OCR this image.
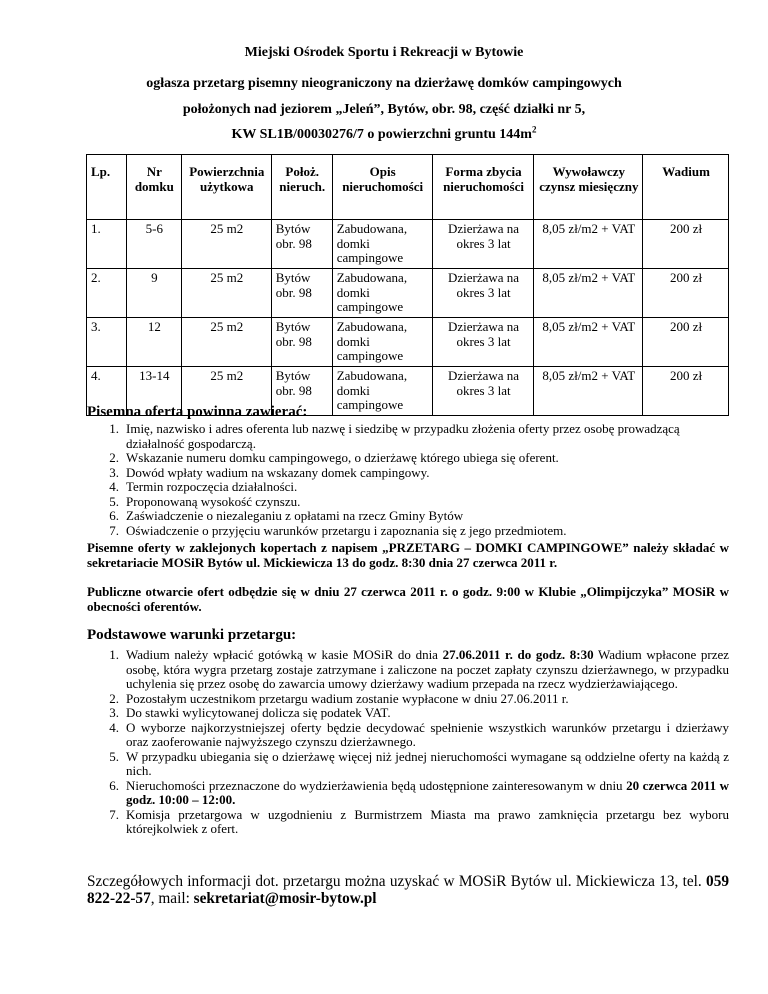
Miejski Ośrodek Sportu i Rekreacji w Bytowie
ogłasza przetarg pisemny nieograniczony na dzierżawę domków campingowych
położonych nad jeziorem „Jeleń”, Bytów, obr. 98, część działki nr 5,
KW SL1B/00030276/7 o powierzchni gruntu $144m^2$
Lp.	Nr domku	Powierzchnia użytkowa	Położ. nieruch.	Opis nieruchomości	Forma zbycia nieruchomości	Wywoławczy czynsz miesięczny	Wadium
1.	5-6	25 m2	Bytów obr. 98	Zabudowana, domki campingowe	Dzierżawa na okres 3 lat	8,05 zł/m2 + VAT	200 zł
2.	9	25 m2	Bytów obr. 98	Zabudowana, domki campingowe	Dzierżawa na okres 3 lat	8,05 zł/m2 + VAT	200 zł
3.	12	25 m2	Bytów obr. 98	Zabudowana, domki campingowe	Dzierżawa na okres 3 lat	8,05 zł/m2 + VAT	200 zł
4.	13-14	25 m2	Bytów obr. 98	Zabudowana, domki campingowe	Dzierżawa na okres 3 lat	8,05 zł/m2 + VAT	200 zł
Pisemna oferta powinna zawierać:
1. Imię, nazwisko i adres oferenta lub nazwę i siedzibę w przypadku złożenia oferty przez osobę prowadzącą działalność gospodarczą.
2. Wskazanie numeru domku campingowego, o dzierżawę którego ubiega się oferent.
3. Dowód wpłaty wadium na wskazany domek campingowy.
4. Termin rozpoczęcia działalności.
5. Proponowaną wysokość czynszu.
6. Zaświadczenie o niezaleganiu z opłatami na rzecz Gminy Bytów
7. Oświadczenie o przyjęciu warunków przetargu i zapoznania się z jego przedmiotem.
Pisemne oferty w zaklejonych kopertach z napisem „PRZETARG – DOMKI CAMPINGOWE” należy składać w sekretariacie MOSiR Bytów ul. Mickiewicza 13 do godz. 8:30 dnia 27 czerwca 2011 r.
Publiczne otwarcie ofert odbędzie się w dniu 27 czerwca 2011 r. o godz. 9:00 w Klubie „Olimpijczyka” MOSiR w obecności oferentów.
Podstawowe warunki przetargu:
1. Wadium należy wpłacić gotówką w kasie MOSiR do dnia 27.06.2011 r. do godz. 8:30 Wadium wpłacone przez osobę, która wygra przetarg zostaje zatrzymane i zaliczone na poczet zapłaty czynszu dzierżawnego, w przypadku uchylenia się przez osobę do zawarcia umowy dzierżawy wadium przepada na rzecz wydzierżawiającego.
2. Pozostałym uczestnikom przetargu wadium zostanie wypłacone w dniu 27.06.2011 r.
3. Do stawki wylicytowanej dolicza się podatek VAT.
4. O wyborze najkorzystniejszej oferty będzie decydować spełnienie wszystkich warunków przetargu i dzierżawy oraz zaoferowanie najwyższego czynszu dzierżawnego.
5. W przypadku ubiegania się o dzierżawę więcej niż jednej nieruchomości wymagane są oddzielne oferty na każdą z nich.
6. Nieruchomości przeznaczone do wydzierżawienia będą udostępnione zainteresowanym w dniu 20 czerwca 2011 w godz. 10:00 – 12:00.
7. Komisja przetargowa w uzgodnieniu z Burmistrzem Miasta ma prawo zamknięcia przetargu bez wyboru którejkolwiek z ofert.
Szczegółowych informacji dot. przetargu można uzyskać w MOSiR Bytów ul. Mickiewicza 13, tel. 059 822-22-57, mail: sekretariat@mosir-bytow.pl
